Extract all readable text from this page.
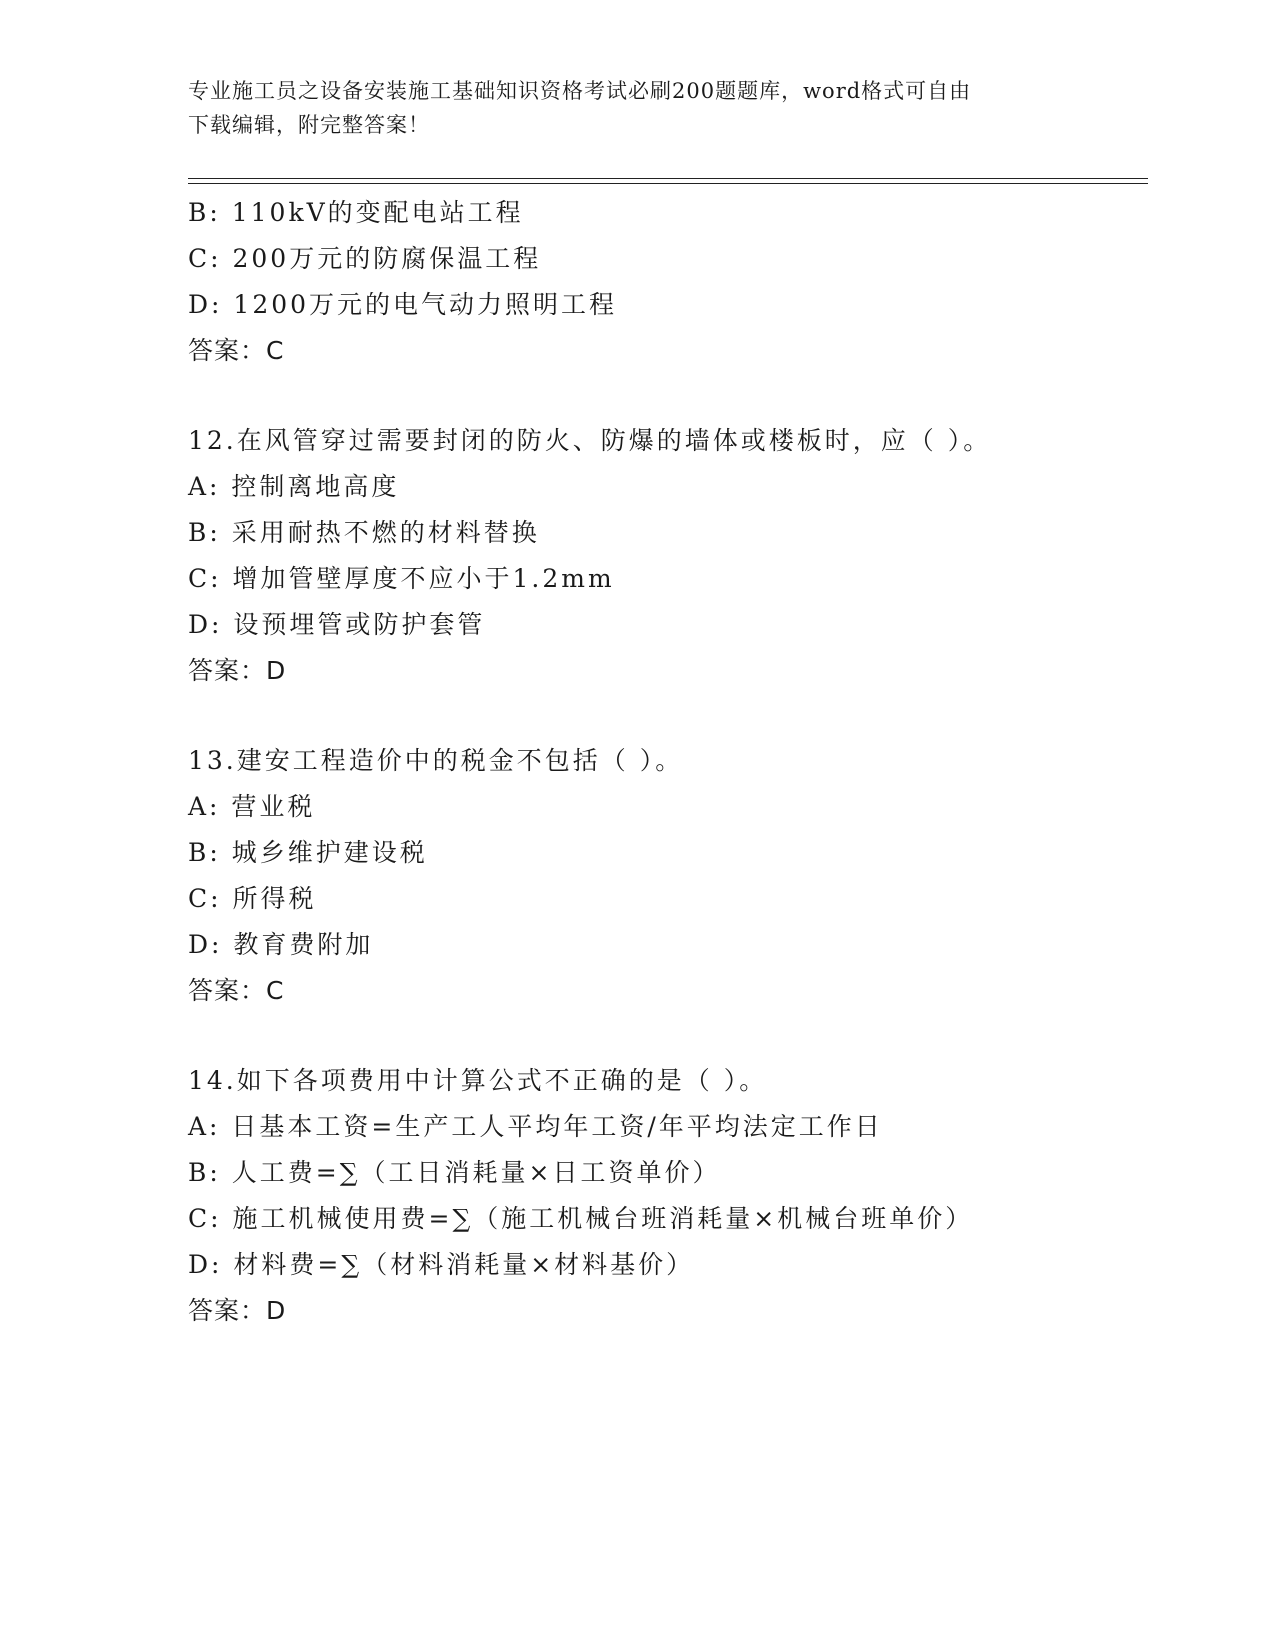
专业施工员之设备安装施工基础知识资格考试必刷200题题库，word格式可自由
下载编辑，附完整答案！
B: 110kV的变配电站工程
C: 200万元的防腐保温工程
D: 1200万元的电气动力照明工程
答案：C
12.在风管穿过需要封闭的防火、防爆的墙体或楼板时，应（ ）。
A: 控制离地高度
B: 采用耐热不燃的材料替换
C: 增加管壁厚度不应小于1.2mm
D: 设预埋管或防护套管
答案：D
13.建安工程造价中的税金不包括（ ）。
A: 营业税
B: 城乡维护建设税
C: 所得税
D: 教育费附加
答案：C
14.如下各项费用中计算公式不正确的是（ ）。
A: 日基本工资=生产工人平均年工资/年平均法定工作日
B: 人工费=∑（工日消耗量×日工资单价）
C: 施工机械使用费=∑（施工机械台班消耗量×机械台班单价）
D: 材料费=∑（材料消耗量×材料基价）
答案：D
